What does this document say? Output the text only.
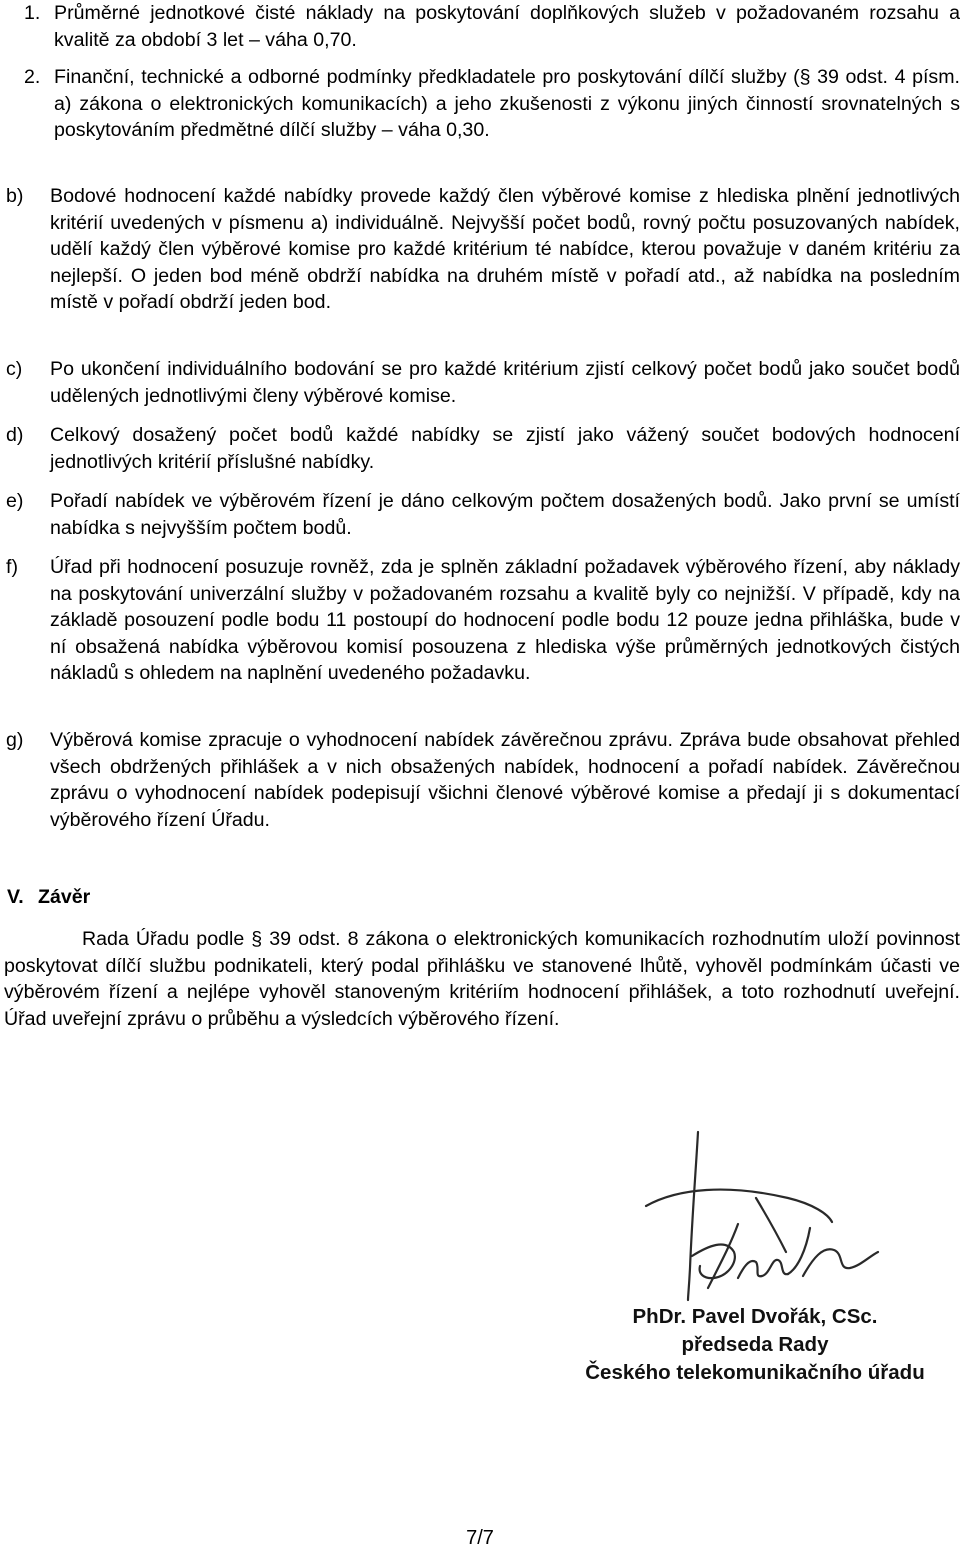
1. Průměrné jednotkové čisté náklady na poskytování doplňkových služeb v požadovaném rozsahu a kvalitě za období 3 let – váha 0,70.
2. Finanční, technické a odborné podmínky předkladatele pro poskytování dílčí služby (§ 39 odst. 4 písm. a) zákona o elektronických komunikacích) a jeho zkušenosti z výkonu jiných činností srovnatelných s poskytováním předmětné dílčí služby – váha 0,30.
b) Bodové hodnocení každé nabídky provede každý člen výběrové komise z hlediska plnění jednotlivých kritérií uvedených v písmenu a) individuálně. Nejvyšší počet bodů, rovný počtu posuzovaných nabídek, udělí každý člen výběrové komise pro každé kritérium té nabídce, kterou považuje v daném kritériu za nejlepší. O jeden bod méně obdrží nabídka na druhém místě v pořadí atd., až nabídka na posledním místě v pořadí obdrží jeden bod.
c) Po ukončení individuálního bodování se pro každé kritérium zjistí celkový počet bodů jako součet bodů udělených jednotlivými členy výběrové komise.
d) Celkový dosažený počet bodů každé nabídky se zjistí jako vážený součet bodových hodnocení jednotlivých kritérií příslušné nabídky.
e) Pořadí nabídek ve výběrovém řízení je dáno celkovým počtem dosažených bodů. Jako první se umístí nabídka s nejvyšším počtem bodů.
f) Úřad při hodnocení posuzuje rovněž, zda je splněn základní požadavek výběrového řízení, aby náklady na poskytování univerzální služby v požadovaném rozsahu a kvalitě byly co nejnižší. V případě, kdy na základě posouzení podle bodu 11 postoupí do hodnocení podle bodu 12 pouze jedna přihláška, bude v ní obsažená nabídka výběrovou komisí posouzena z hlediska výše průměrných jednotkových čistých nákladů s ohledem na naplnění uvedeného požadavku.
g) Výběrová komise zpracuje o vyhodnocení nabídek závěrečnou zprávu. Zpráva bude obsahovat přehled všech obdržených přihlášek a v nich obsažených nabídek, hodnocení a pořadí nabídek. Závěrečnou zprávu o vyhodnocení nabídek podepisují všichni členové výběrové komise a předají ji s dokumentací výběrového řízení Úřadu.
V. Závěr
Rada Úřadu podle § 39 odst. 8 zákona o elektronických komunikacích rozhodnutím uloží povinnost poskytovat dílčí službu podnikateli, který podal přihlášku ve stanovené lhůtě, vyhověl podmínkám účasti ve výběrovém řízení a nejlépe vyhověl stanoveným kritériím hodnocení přihlášek, a toto rozhodnutí uveřejní. Úřad uveřejní zprávu o průběhu a výsledcích výběrového řízení.
PhDr. Pavel Dvořák, CSc.
předseda Rady
Českého telekomunikačního úřadu
7/7
